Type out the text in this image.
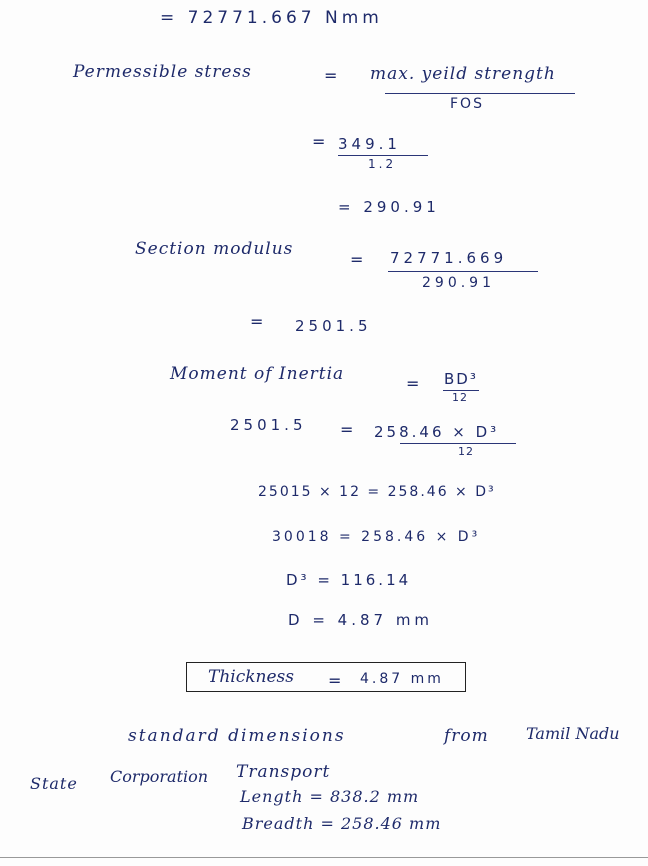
= 72771.667 Nmm
Permessible stress	= max. yeild strength
FOS
= 349.1
1.2
= 290.91
Section modulus
= 72771.669
290.91
= 2501.5
Moment of Inertia	= BD³
12
2501.5 = 258.46 × D³
12
25015 × 12 = 258.46 × D³
30018 = 258.46 × D³
D³ = 116.14
D = 4.87 mm
Thickness = 4.87 mm
standard dimensions	from Tamil Nadu
State Corporation Transport
Length = 838.2 mm
Breadth = 258.46 mm
